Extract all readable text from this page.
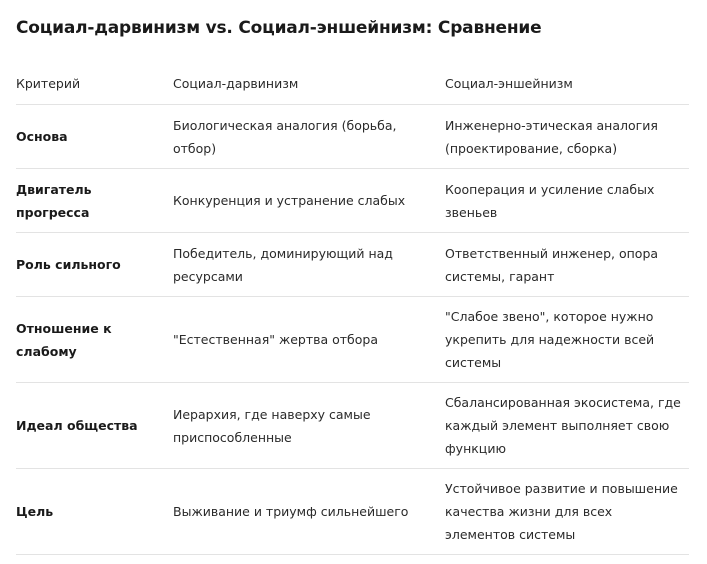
Социал-дарвинизм vs. Социал-эншейнизм: Сравнение
Критерий	Социал-дарвинизм	Социал-эншейнизм
Основа	Биологическая аналогия (борьба, отбор)	Инженерно-этическая аналогия (проектирование, сборка)
Двигатель прогресса	Конкуренция и устранение слабых	Кооперация и усиление слабых звеньев
Роль сильного	Победитель, доминирующий над ресурсами	Ответственный инженер, опора системы, гарант
Отношение к слабому	"Естественная" жертва отбора	"Слабое звено", которое нужно укрепить для надежности всей системы
Идеал общества	Иерархия, где наверху самые приспособленные	Сбалансированная экосистема, где каждый элемент выполняет свою функцию
Цель	Выживание и триумф сильнейшего	Устойчивое развитие и повышение качества жизни для всех элементов системы
